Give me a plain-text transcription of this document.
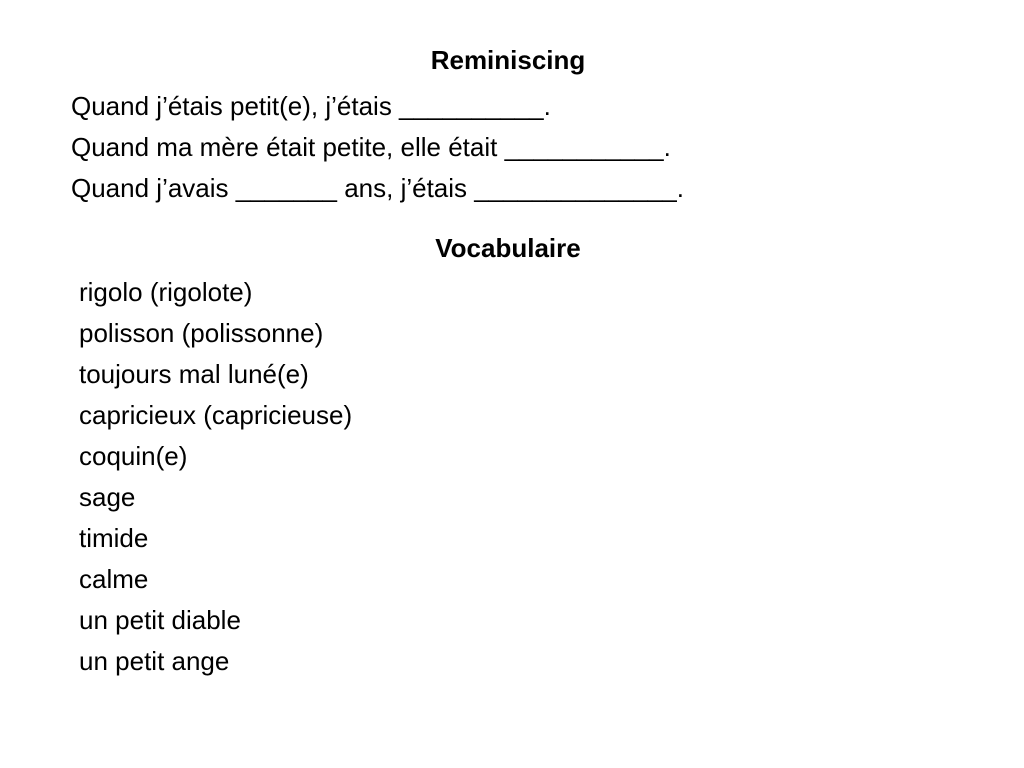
Reminiscing
Quand j’étais petit(e), j’étais __________.
Quand ma mère était petite, elle était ___________.
Quand j’avais _______ ans, j’étais ______________.
Vocabulaire
rigolo (rigolote)
polisson (polissonne)
toujours mal luné(e)
capricieux (capricieuse)
coquin(e)
sage
timide
calme
un petit diable
un petit ange
